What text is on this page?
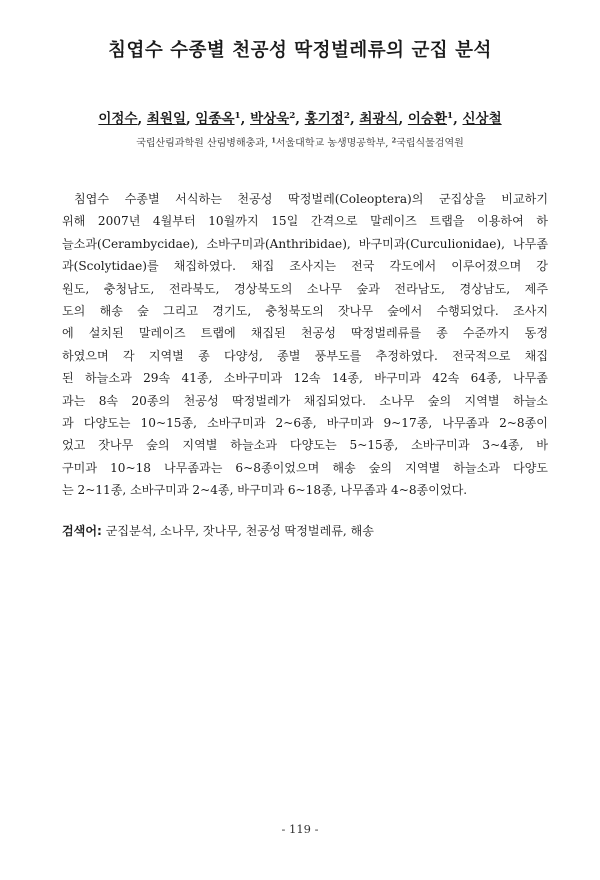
침엽수 수종별 천공성 딱정벌레류의 군집 분석
이정수, 최원일, 임종옥$^1$, 박상욱$^2$, 홍기정$^2$, 최광식, 이승환$^1$, 신상철
국립산림과학원 산림병해충과, $^1$서울대학교 농생명공학부, $^2$국립식물검역원
침엽수 수종별 서식하는 천공성 딱정벌레(Coleoptera)의 군집상을 비교하기
위해 2007년 4월부터 10월까지 15일 간격으로 말레이즈 트랩을 이용하여 하
늘소과(Cerambycidae), 소바구미과(Anthribidae), 바구미과(Curculionidae), 나무좀
과(Scolytidae)를 채집하였다. 채집 조사지는 전국 각도에서 이루어졌으며 강
원도, 충청남도, 전라북도, 경상북도의 소나무 숲과 전라남도, 경상남도, 제주
도의 해송 숲 그리고 경기도, 충청북도의 잣나무 숲에서 수행되었다. 조사지
에 설치된 말레이즈 트랩에 채집된 천공성 딱정벌레류를 종 수준까지 동정
하였으며 각 지역별 종 다양성, 종별 풍부도를 추정하였다. 전국적으로 채집
된 하늘소과 29속 41종, 소바구미과 12속 14종, 바구미과 42속 64종, 나무좀
과는 8속 20종의 천공성 딱정벌레가 채집되었다. 소나무 숲의 지역별 하늘소
과 다양도는 10~15종, 소바구미과 2~6종, 바구미과 9~17종, 나무좀과 2~8종이
었고 잣나무 숲의 지역별 하늘소과 다양도는 5~15종, 소바구미과 3~4종, 바
구미과 10~18 나무좀과는 6~8종이었으며 해송 숲의 지역별 하늘소과 다양도
는 2~11종, 소바구미과 2~4종, 바구미과 6~18종, 나무좀과 4~8종이었다.
검색어: 군집분석, 소나무, 잣나무, 천공성 딱정벌레류, 해송
- 119 -
